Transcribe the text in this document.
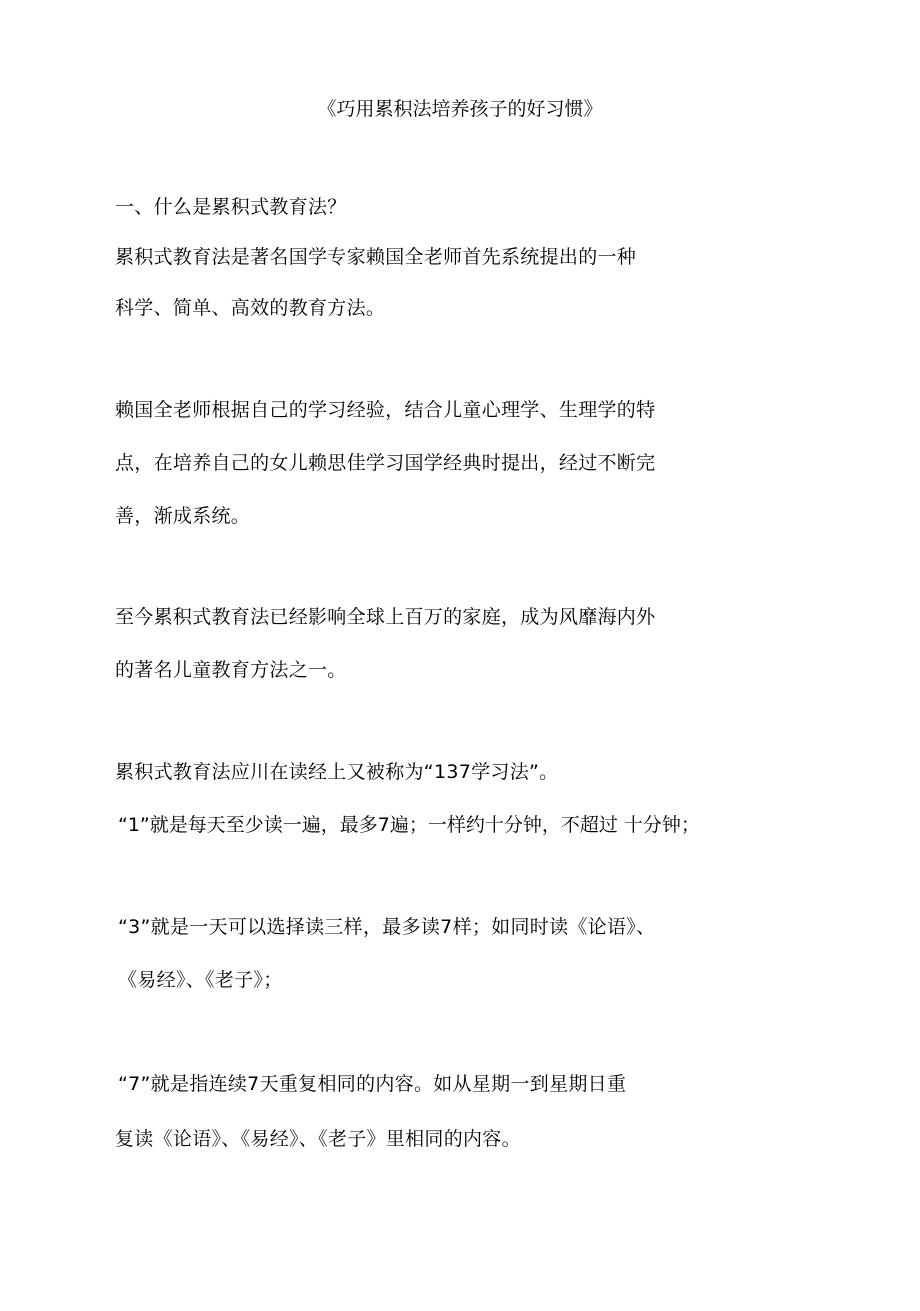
《巧用累积法培养孩子的好习惯》
一、什么是累积式教育法？
累积式教育法是著名国学专家赖国全老师首先系统提出的一种
科学、简单、高效的教育方法。
赖国全老师根据自己的学习经验，结合儿童心理学、生理学的特
点，在培养自己的女儿赖思佳学习国学经典时提出，经过不断完
善，渐成系统。
至今累积式教育法已经影响全球上百万的家庭，成为风靡海内外
的著名儿童教育方法之一。
累积式教育法应川在读经上又被称为“137学习法”。
“1”就是每天至少读一遍，最多7遍；一样约十分钟，不超过 十分钟；
“3”就是一天可以选择读三样，最多读7样；如同时读《论语》、
《易经》、《老子》；
“7”就是指连续7天重复相同的内容。如从星期一到星期日重
复读《论语》、《易经》、《老子》里相同的内容。
